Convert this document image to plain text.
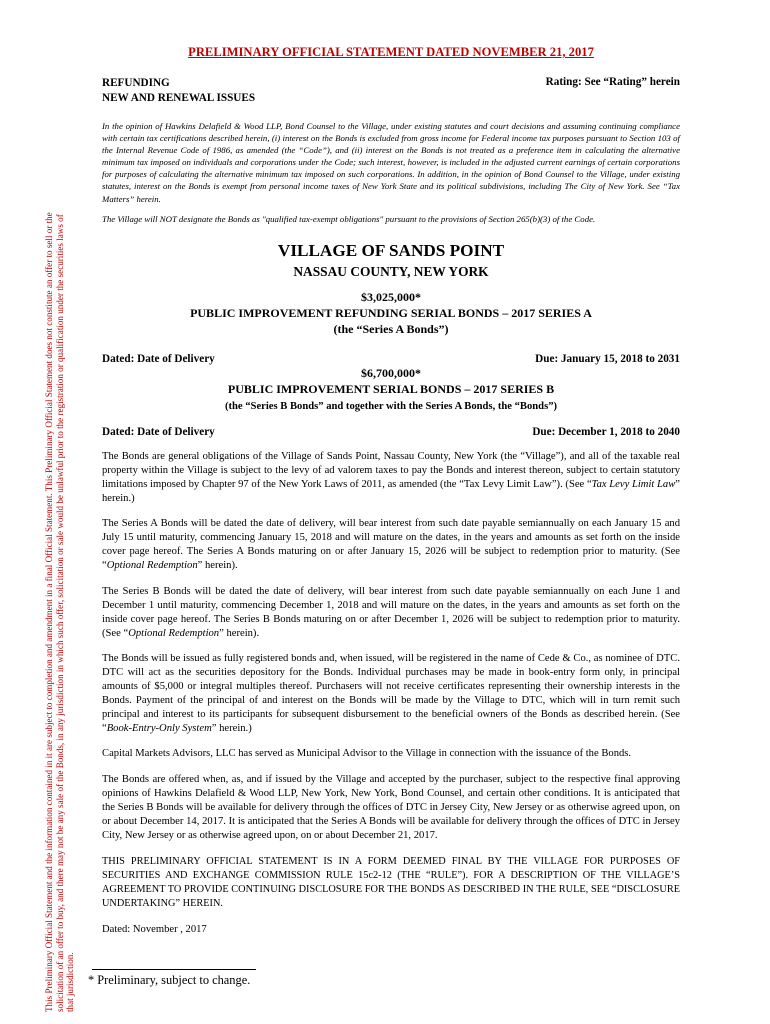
This Preliminary Official Statement and the information contained in it are subject to completion and amendment in a final Official Statement. This Preliminary Official Statement does not constitute an offer to sell or the solicitation of an offer to buy, and there may not be any sale of the Bonds, in any jurisdiction in which such offer, solicitation or sale would be unlawful prior to the registration or qualification under the securities laws of that jurisdiction.

PRELIMINARY OFFICIAL STATEMENT DATED NOVEMBER 21, 2017

REFUNDING
NEW AND RENEWAL ISSUES
Rating: See “Rating” herein

In the opinion of Hawkins Delafield & Wood LLP, Bond Counsel to the Village, under existing statutes and court decisions and assuming continuing compliance with certain tax certifications described herein, (i) interest on the Bonds is excluded from gross income for Federal income tax purposes pursuant to Section 103 of the Internal Revenue Code of 1986, as amended (the “Code”), and (ii) interest on the Bonds is not treated as a preference item in calculating the alternative minimum tax imposed on individuals and corporations under the Code; such interest, however, is included in the adjusted current earnings of certain corporations for purposes of calculating the alternative minimum tax imposed on such corporations. In addition, in the opinion of Bond Counsel to the Village, under existing statutes, interest on the Bonds is exempt from personal income taxes of New York State and its political subdivisions, including The City of New York. See “Tax Matters” herein.

The Village will NOT designate the Bonds as "qualified tax-exempt obligations" pursuant to the provisions of Section 265(b)(3) of the Code.

VILLAGE OF SANDS POINT

NASSAU COUNTY, NEW YORK

$3,025,000*

PUBLIC IMPROVEMENT REFUNDING SERIAL BONDS – 2017 SERIES A

(the “Series A Bonds”)

Dated: Date of Delivery	Due: January 15, 2018 to 2031

$6,700,000*

PUBLIC IMPROVEMENT SERIAL BONDS – 2017 SERIES B

(the “Series B Bonds” and together with the Series A Bonds, the “Bonds”)

Dated: Date of Delivery	Due: December 1, 2018 to 2040

The Bonds are general obligations of the Village of Sands Point, Nassau County, New York (the “Village”), and all of the taxable real property within the Village is subject to the levy of ad valorem taxes to pay the Bonds and interest thereon, subject to certain statutory limitations imposed by Chapter 97 of the New York Laws of 2011, as amended (the “Tax Levy Limit Law”). (See “Tax Levy Limit Law” herein.)

The Series A Bonds will be dated the date of delivery, will bear interest from such date payable semiannually on each January 15 and July 15 until maturity, commencing January 15, 2018 and will mature on the dates, in the years and amounts as set forth on the inside cover page hereof. The Series A Bonds maturing on or after January 15, 2026 will be subject to redemption prior to maturity. (See “Optional Redemption” herein).

The Series B Bonds will be dated the date of delivery, will bear interest from such date payable semiannually on each June 1 and December 1 until maturity, commencing December 1, 2018 and will mature on the dates, in the years and amounts as set forth on the inside cover page hereof. The Series B Bonds maturing on or after December 1, 2026 will be subject to redemption prior to maturity. (See “Optional Redemption” herein).

The Bonds will be issued as fully registered bonds and, when issued, will be registered in the name of Cede & Co., as nominee of DTC. DTC will act as the securities depository for the Bonds. Individual purchases may be made in book-entry form only, in principal amounts of $5,000 or integral multiples thereof. Purchasers will not receive certificates representing their ownership interests in the Bonds. Payment of the principal of and interest on the Bonds will be made by the Village to DTC, which will in turn remit such principal and interest to its participants for subsequent disbursement to the beneficial owners of the Bonds as described herein. (See “Book-Entry-Only System” herein.)

Capital Markets Advisors, LLC has served as Municipal Advisor to the Village in connection with the issuance of the Bonds.

The Bonds are offered when, as, and if issued by the Village and accepted by the purchaser, subject to the respective final approving opinions of Hawkins Delafield & Wood LLP, New York, New York, Bond Counsel, and certain other conditions. It is anticipated that the Series B Bonds will be available for delivery through the offices of DTC in Jersey City, New Jersey or as otherwise agreed upon, on or about December 14, 2017. It is anticipated that the Series A Bonds will be available for delivery through the offices of DTC in Jersey City, New Jersey or as otherwise agreed upon, on or about December 21, 2017.

THIS PRELIMINARY OFFICIAL STATEMENT IS IN A FORM DEEMED FINAL BY THE VILLAGE FOR PURPOSES OF SECURITIES AND EXCHANGE COMMISSION RULE 15c2-12 (THE “RULE”). FOR A DESCRIPTION OF THE VILLAGE’S AGREEMENT TO PROVIDE CONTINUING DISCLOSURE FOR THE BONDS AS DESCRIBED IN THE RULE, SEE “DISCLOSURE UNDERTAKING” HEREIN.

Dated: November , 2017

* Preliminary, subject to change.
